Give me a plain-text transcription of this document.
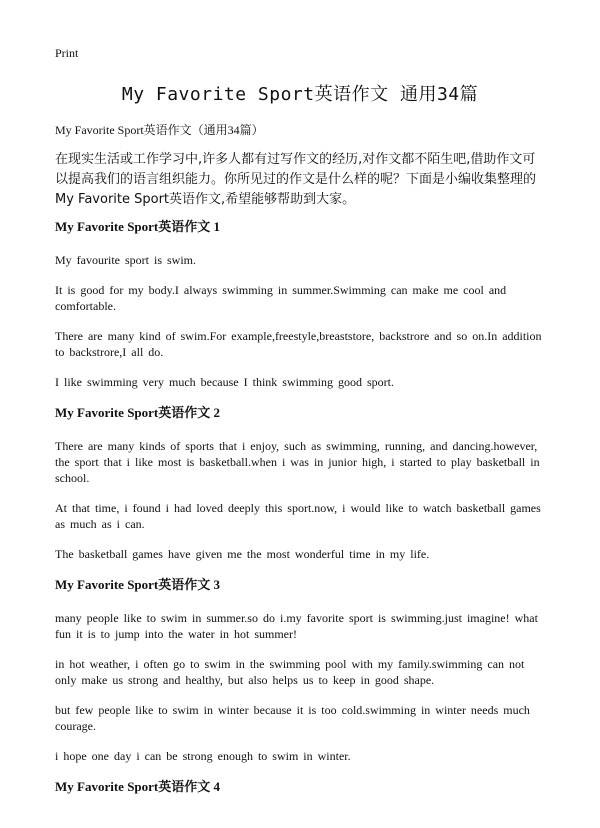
Print
My Favorite Sport英语作文 通用34篇
My Favorite Sport英语作文（通用34篇）

在现实生活或工作学习中,许多人都有过写作文的经历,对作文都不陌生吧,借助作文可以提高我们的语言组织能力。你所见过的作文是什么样的呢？下面是小编收集整理的My Favorite Sport英语作文,希望能够帮助到大家。

My Favorite Sport英语作文 1

My favourite sport is swim.

It is good for my body.I always swimming in summer.Swimming can make me cool and comfortable.

There are many kind of swim.For example,freestyle,breaststore, backstrore and so on.In addition to backstrore,I all do.

I like swimming very much because I think swimming good sport.

My Favorite Sport英语作文 2

There are many kinds of sports that i enjoy, such as swimming, running, and dancing.however, the sport that i like most is basketball.when i was in junior high, i started to play basketball in school.

At that time, i found i had loved deeply this sport.now, i would like to watch basketball games as much as i can.

The basketball games have given me the most wonderful time in my life.

My Favorite Sport英语作文 3

many people like to swim in summer.so do i.my favorite sport is swimming.just imagine! what fun it is to jump into the water in hot summer!

in hot weather, i often go to swim in the swimming pool with my family.swimming can not only make us strong and healthy, but also helps us to keep in good shape.

but few people like to swim in winter because it is too cold.swimming in winter needs much courage.

i hope one day i can be strong enough to swim in winter.

My Favorite Sport英语作文 4
